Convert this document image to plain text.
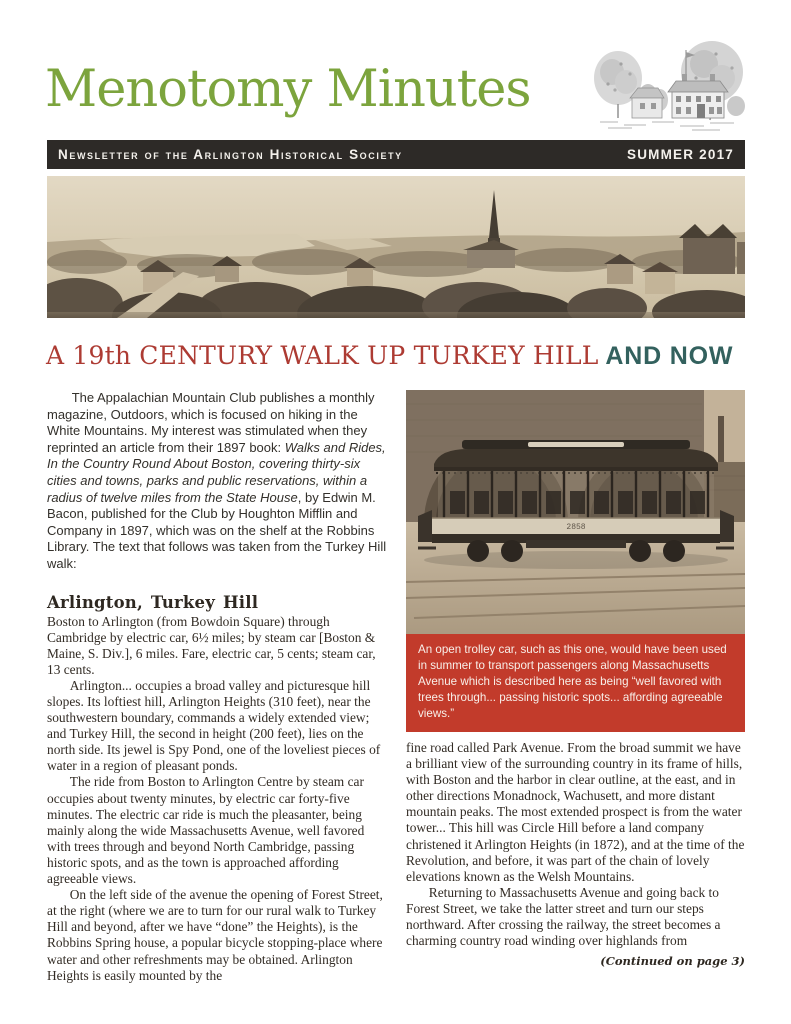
Menotomy Minutes
Newsletter of the Arlington Historical Society	SUMMER 2017
A 19th CENTURY WALK UP TURKEY HILL AND NOW

The Appalachian Mountain Club publishes a monthly magazine, Outdoors, which is focused on hiking in the White Mountains. My interest was stimulated when they reprinted an article from their 1897 book: Walks and Rides, In the Country Round About Boston, covering thirty-six cities and towns, parks and public reservations, within a radius of twelve miles from the State House, by Edwin M. Bacon, published for the Club by Houghton Mifflin and Company in 1897, which was on the shelf at the Robbins Library. The text that follows was taken from the Turkey Hill walk:

Arlington, Turkey Hill

Boston to Arlington (from Bowdoin Square) through Cambridge by electric car, 6½ miles; by steam car [Boston & Maine, S. Div.], 6 miles. Fare, electric car, 5 cents; steam car, 13 cents.

Arlington... occupies a broad valley and picturesque hill slopes. Its loftiest hill, Arlington Heights (310 feet), near the southwestern boundary, commands a widely extended view; and Turkey Hill, the second in height (200 feet), lies on the north side. Its jewel is Spy Pond, one of the loveliest pieces of water in a region of pleasant ponds.

The ride from Boston to Arlington Centre by steam car occupies about twenty minutes, by electric car forty-five minutes. The electric car ride is much the pleasanter, being mainly along the wide Massachusetts Avenue, well favored with trees through and beyond North Cambridge, passing historic spots, and as the town is approached affording agreeable views.

On the left side of the avenue the opening of Forest Street, at the right (where we are to turn for our rural walk to Turkey Hill and beyond, after we have “done” the Heights), is the Robbins Spring house, a popular bicycle stopping-place where water and other refreshments may be obtained. Arlington Heights is easily mounted by the

2858

An open trolley car, such as this one, would have been used in summer to transport passengers along Massachusetts Avenue which is described here as being “well favored with trees through... passing historic spots... affording agreeable views.”

fine road called Park Avenue. From the broad summit we have a brilliant view of the surrounding country in its frame of hills, with Boston and the harbor in clear outline, at the east, and in other directions Monadnock, Wachusett, and more distant mountain peaks. The most extended prospect is from the water tower... This hill was Circle Hill before a land company christened it Arlington Heights (in 1872), and at the time of the Revolution, and before, it was part of the chain of lovely elevations known as the Welsh Mountains.

Returning to Massachusetts Avenue and going back to Forest Street, we take the latter street and turn our steps northward. After crossing the railway, the street becomes a charming country road winding over highlands from

(Continued on page 3)
